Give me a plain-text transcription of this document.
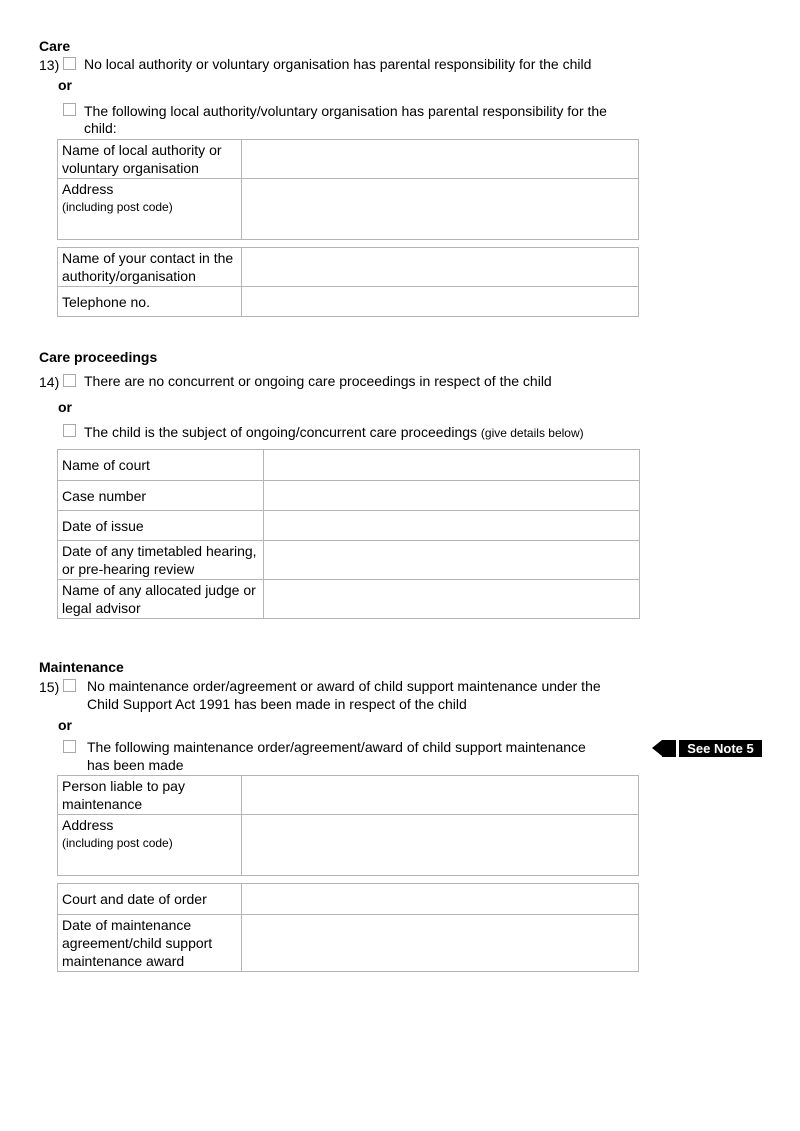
Care
13) No local authority or voluntary organisation has parental responsibility for the child
or
The following local authority/voluntary organisation has parental responsibility for the
child:
Name of local authority or voluntary organisation	

Address
(including post code)

Name of your contact in the authority/organisation	

Telephone no.	
Care proceedings
14) There are no concurrent or ongoing care proceedings in respect of the child
or
The child is the subject of ongoing/concurrent care proceedings (give details below)
Name of court	

Case number	

Date of issue	

Date of any timetabled hearing, or pre-hearing review	

Name of any allocated judge or legal advisor	
Maintenance
15) No maintenance order/agreement or award of child support maintenance under the
Child Support Act 1991 has been made in respect of the child
or
The following maintenance order/agreement/award of child support maintenance
has been made
See Note 5
Person liable to pay maintenance	

Address
(including post code)

Court and date of order	

Date of maintenance agreement/child support maintenance award	
